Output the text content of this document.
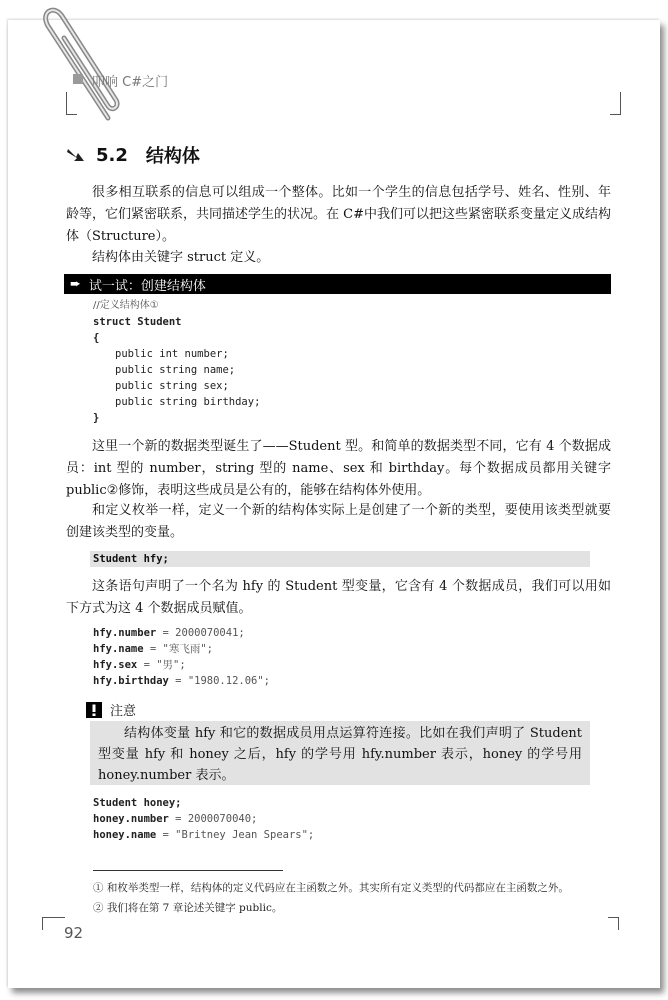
叩响 C#之门
5.2 结构体
很多相互联系的信息可以组成一个整体。比如一个学生的信息包括学号、姓名、性别、年龄等，它们紧密联系，共同描述学生的状况。在 C#中我们可以把这些紧密联系变量定义成结构体（Structure）。
结构体由关键字 struct 定义。
➨ 试一试：创建结构体
//定义结构体①
struct Student
{
public int number;
public string name;
public string sex;
public string birthday;
}
这里一个新的数据类型诞生了——Student 型。和简单的数据类型不同，它有 4 个数据成员：int 型的 number，string 型的 name、sex 和 birthday。每个数据成员都用关键字 public②修饰，表明这些成员是公有的，能够在结构体外使用。
和定义枚举一样，定义一个新的结构体实际上是创建了一个新的类型，要使用该类型就要创建该类型的变量。
Student hfy;
这条语句声明了一个名为 hfy 的 Student 型变量，它含有 4 个数据成员，我们可以用如下方式为这 4 个数据成员赋值。
hfy.number = 2000070041;
hfy.name = "寒飞雨";
hfy.sex = "男";
hfy.birthday = "1980.12.06";
注意
结构体变量 hfy 和它的数据成员用点运算符连接。比如在我们声明了 Student 型变量 hfy 和 honey 之后，hfy 的学号用 hfy.number 表示，honey 的学号用 honey.number 表示。
Student honey;
honey.number = 2000070040;
honey.name = "Britney Jean Spears";
① 和枚举类型一样，结构体的定义代码应在主函数之外。其实所有定义类型的代码都应在主函数之外。
② 我们将在第 7 章论述关键字 public。
92
